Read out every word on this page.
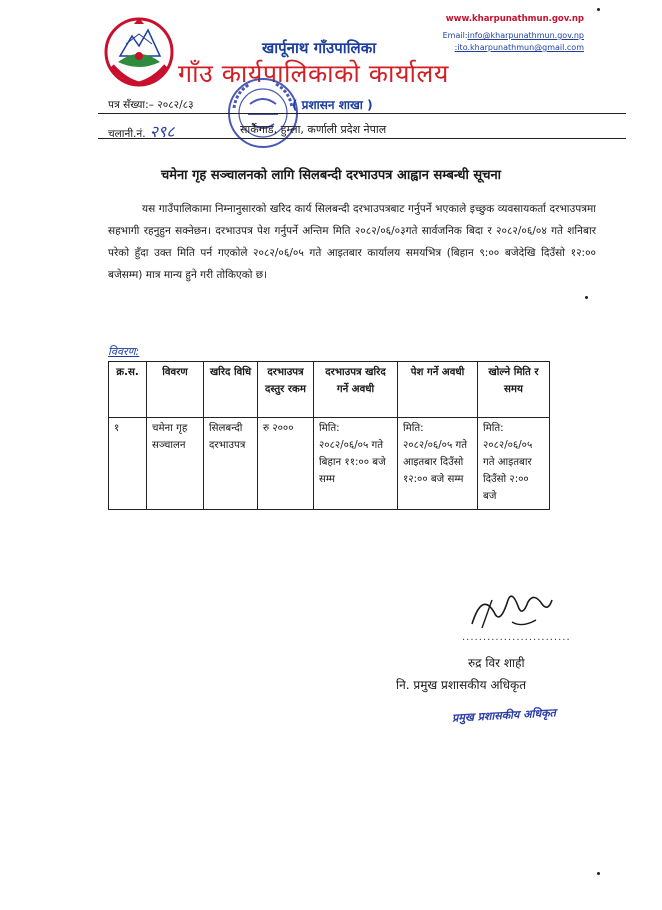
www.kharpunathmun.gov.np
Email:info@kharpunathmun.gov.np
:ito.kharpunathmun@gmail.com
खार्पूनाथ गाँउपालिका
गाँउ कार्यपालिकाको कार्यालय
( प्रशासन शाखा )
पत्र सँख्या:– २०८२/८३
चलानी.नं. २९८	सार्केगाड, हुम्ला, कर्णाली प्रदेश नेपाल
चमेना गृह सञ्चालनको लागि सिलबन्दी दरभाउपत्र आह्वान सम्बन्धी सूचना
यस गाउँपालिकामा निम्नानुसारको खरिद कार्य सिलबन्दी दरभाउपत्रबाट गर्नुपर्ने भएकाले इच्छुक व्यवसायकर्ता दरभाउपत्रमा सहभागी रहनुहुन सक्नेछन। दरभाउपत्र पेश गर्नुपर्ने अन्तिम मिति २०८२/०६/०३गते सार्वजनिक बिदा र २०८२/०६/०४ गते शनिबार परेको हुँदा उक्त मिति पर्न गएकोले २०८२/०६/०५ गते आइतबार कार्यालय समयभित्र (बिहान ९:०० बजेदेखि दिउँसो १२:०० बजेसम्म) मात्र मान्य हुने गरी तोकिएको छ।
विवरण:
क्र.स.	विवरण	खरिद विधि	दरभाउपत्र दस्तुर रकम	दरभाउपत्र खरिद गर्ने अवधी	पेश गर्ने अवधी	खोल्ने मिति र समय
१	चमेना गृह सञ्चालन	सिलबन्दी दरभाउपत्र	रु २०००	मिति: २०८२/०६/०५ गते बिहान ११:०० बजे सम्म	मिति: २०८२/०६/०५ गते आइतबार दिउँसो १२:०० बजे सम्म	मिति: २०८२/०६/०५ गते आइतबार दिउँसो २:०० बजे
..........................
रुद्र विर शाही
नि. प्रमुख प्रशासकीय अधिकृत
प्रमुख प्रशासकीय अधिकृत
